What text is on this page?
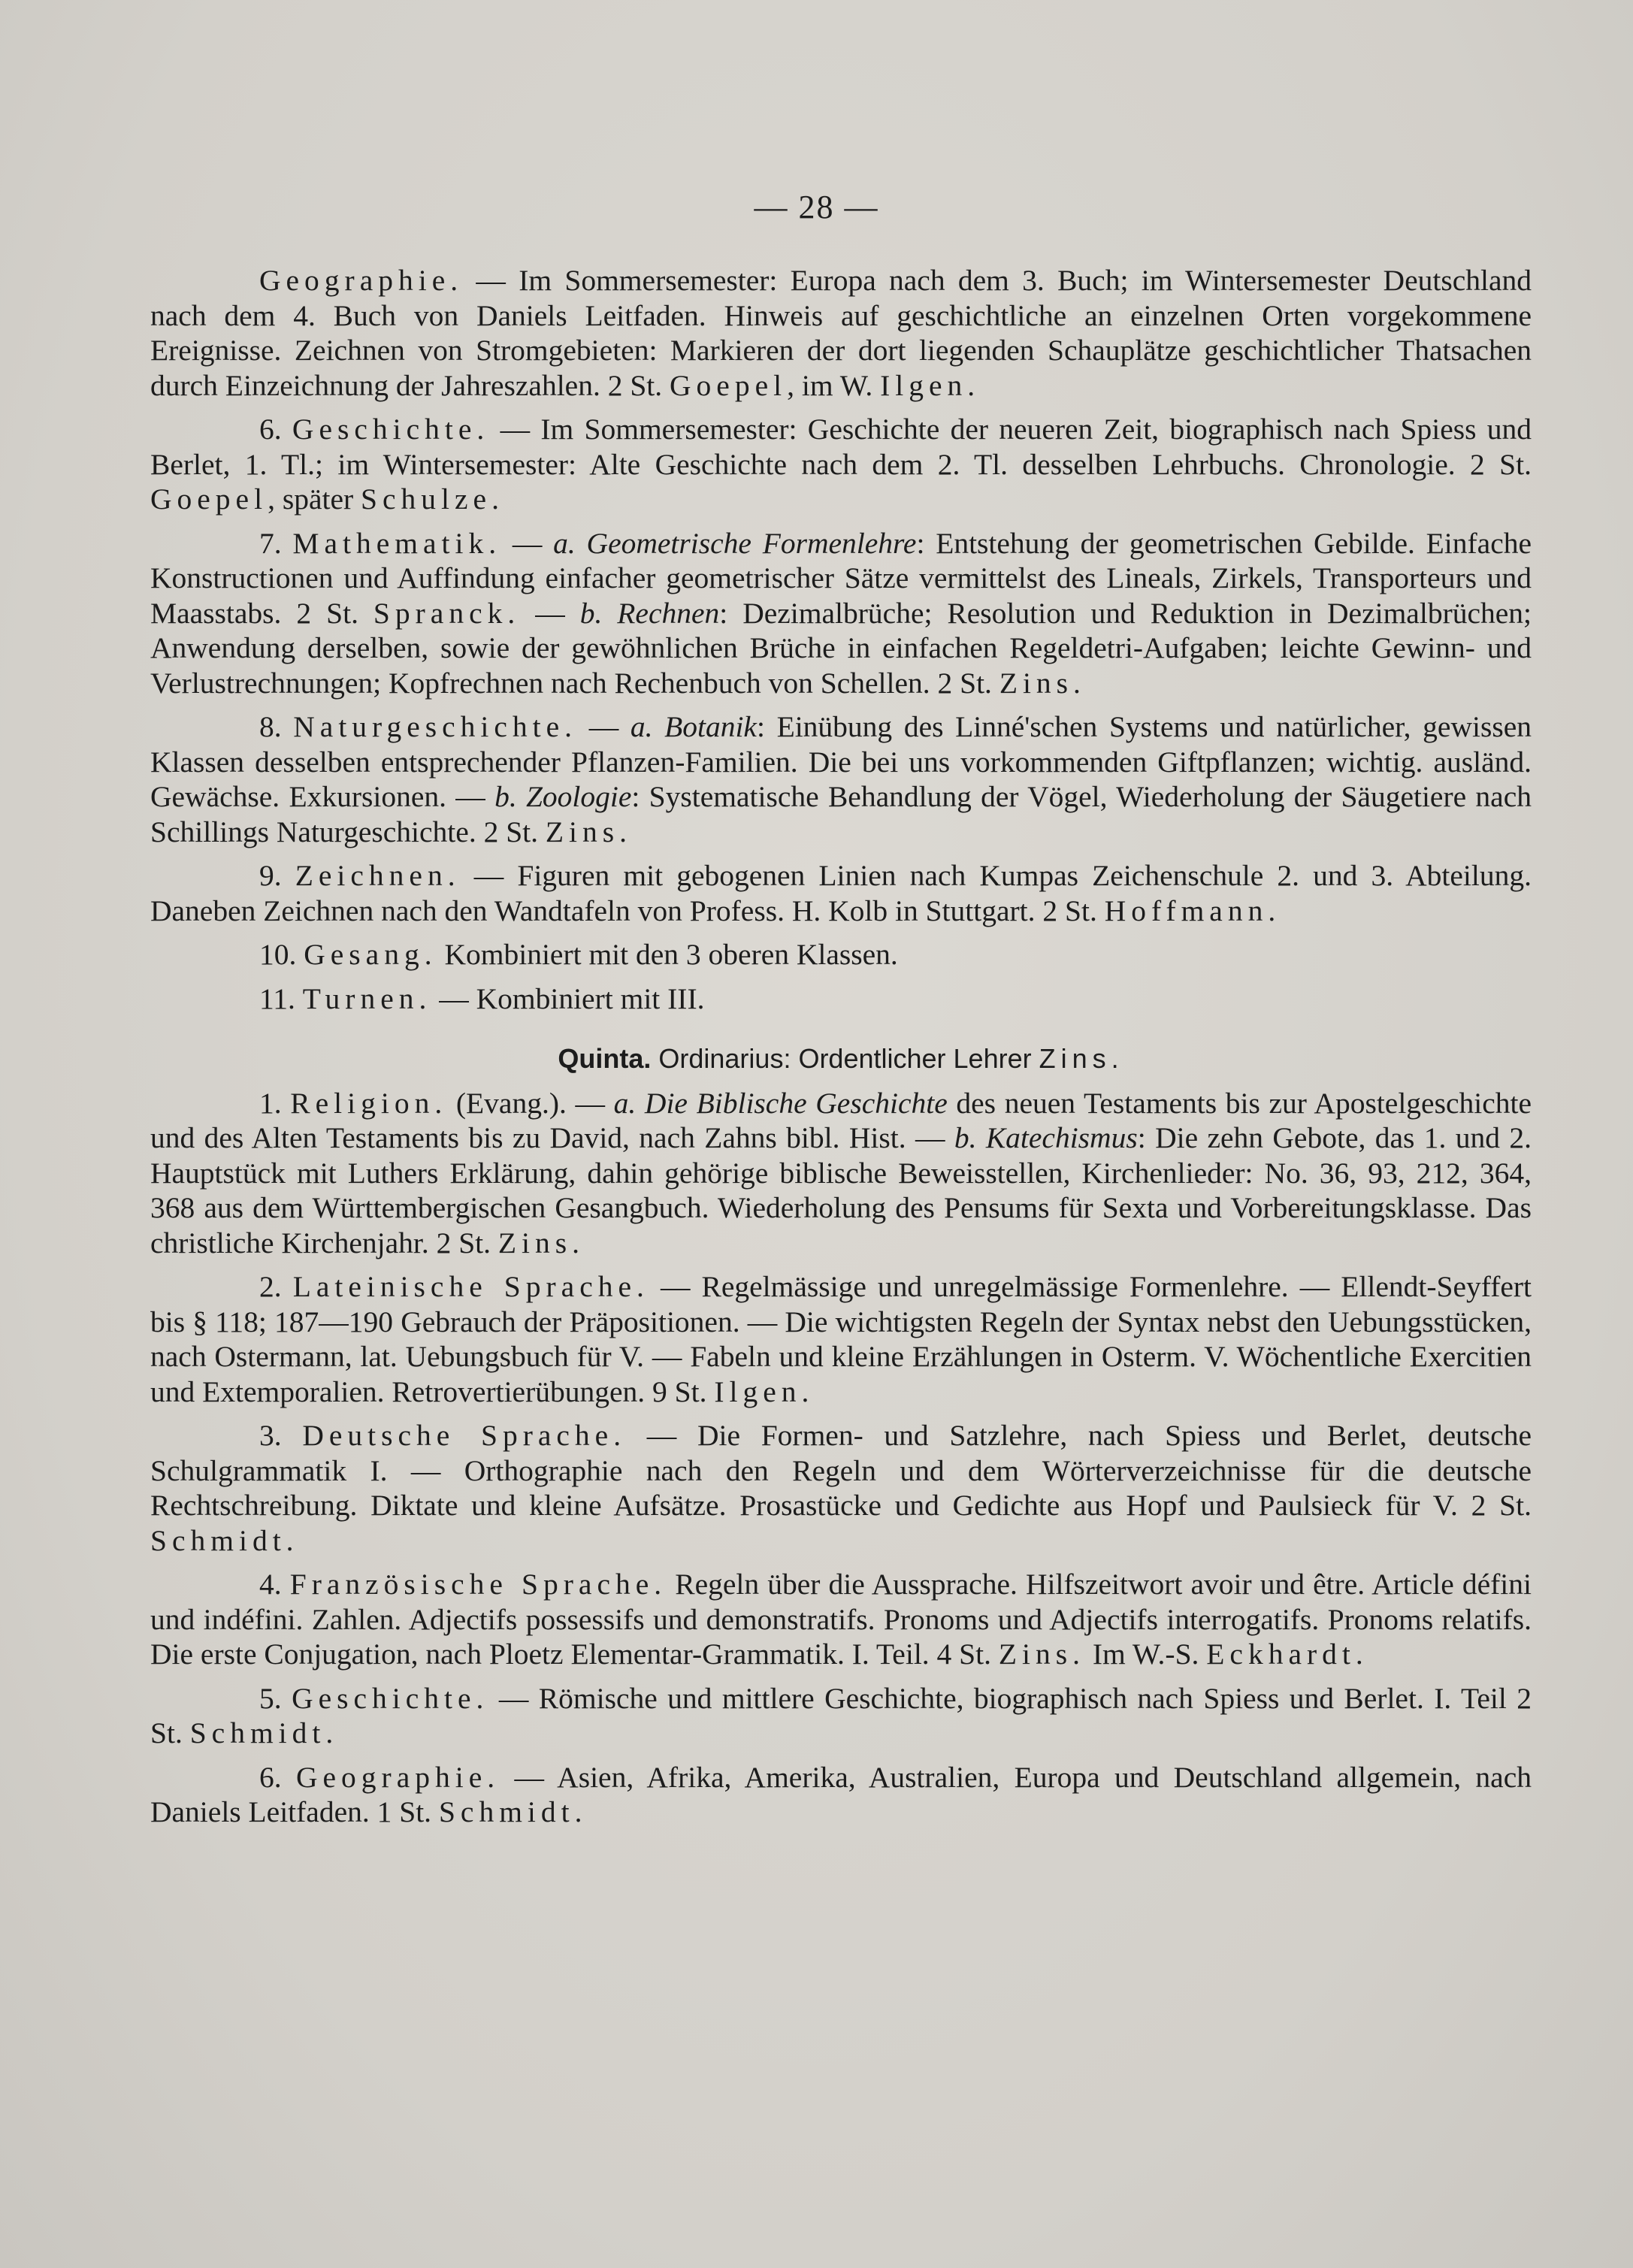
— 28 —

Geographie. — Im Sommersemester: Europa nach dem 3. Buch; im Wintersemester Deutschland nach dem 4. Buch von Daniels Leitfaden. Hinweis auf geschichtliche an einzelnen Orten vorgekommene Ereignisse. Zeichnen von Stromgebieten: Markieren der dort liegenden Schauplätze geschichtlicher Thatsachen durch Einzeichnung der Jahreszahlen. 2 St. Goepel, im W. Ilgen.

6. Geschichte. — Im Sommersemester: Geschichte der neueren Zeit, biographisch nach Spiess und Berlet, 1. Tl.; im Wintersemester: Alte Geschichte nach dem 2. Tl. desselben Lehrbuchs. Chronologie. 2 St. Goepel, später Schulze.

7. Mathematik. — a. Geometrische Formenlehre: Entstehung der geometrischen Gebilde. Einfache Konstructionen und Auffindung einfacher geometrischer Sätze vermittelst des Lineals, Zirkels, Transporteurs und Maasstabs. 2 St. Spranck. — b. Rechnen: Dezimalbrüche; Resolution und Reduktion in Dezimalbrüchen; Anwendung derselben, sowie der gewöhnlichen Brüche in einfachen Regeldetri-Aufgaben; leichte Gewinn- und Verlustrechnungen; Kopfrechnen nach Rechenbuch von Schellen. 2 St. Zins.

8. Naturgeschichte. — a. Botanik: Einübung des Linné'schen Systems und natürlicher, gewissen Klassen desselben entsprechender Pflanzen-Familien. Die bei uns vorkommenden Giftpflanzen; wichtig. ausländ. Gewächse. Exkursionen. — b. Zoologie: Systematische Behandlung der Vögel, Wiederholung der Säugetiere nach Schillings Naturgeschichte. 2 St. Zins.

9. Zeichnen. — Figuren mit gebogenen Linien nach Kumpas Zeichenschule 2. und 3. Abteilung. Daneben Zeichnen nach den Wandtafeln von Profess. H. Kolb in Stuttgart. 2 St. Hoffmann.

10. Gesang. Kombiniert mit den 3 oberen Klassen.

11. Turnen. — Kombiniert mit III.

Quinta. Ordinarius: Ordentlicher Lehrer Zins.

1. Religion. (Evang.). — a. Die Biblische Geschichte des neuen Testaments bis zur Apostelgeschichte und des Alten Testaments bis zu David, nach Zahns bibl. Hist. — b. Katechismus: Die zehn Gebote, das 1. und 2. Hauptstück mit Luthers Erklärung, dahin gehörige biblische Beweisstellen, Kirchenlieder: No. 36, 93, 212, 364, 368 aus dem Württembergischen Gesangbuch. Wiederholung des Pensums für Sexta und Vorbereitungsklasse. Das christliche Kirchenjahr. 2 St. Zins.

2. Lateinische Sprache. — Regelmässige und unregelmässige Formenlehre. — Ellendt-Seyffert bis § 118; 187—190 Gebrauch der Präpositionen. — Die wichtigsten Regeln der Syntax nebst den Uebungsstücken, nach Ostermann, lat. Uebungsbuch für V. — Fabeln und kleine Erzählungen in Osterm. V. Wöchentliche Exercitien und Extemporalien. Retrovertierübungen. 9 St. Ilgen.

3. Deutsche Sprache. — Die Formen- und Satzlehre, nach Spiess und Berlet, deutsche Schulgrammatik I. — Orthographie nach den Regeln und dem Wörterverzeichnisse für die deutsche Rechtschreibung. Diktate und kleine Aufsätze. Prosastücke und Gedichte aus Hopf und Paulsieck für V. 2 St. Schmidt.

4. Französische Sprache. Regeln über die Aussprache. Hilfszeitwort avoir und être. Article défini und indéfini. Zahlen. Adjectifs possessifs und demonstratifs. Pronoms und Adjectifs interrogatifs. Pronoms relatifs. Die erste Conjugation, nach Ploetz Elementar-Grammatik. I. Teil. 4 St. Zins. Im W.-S. Eckhardt.

5. Geschichte. — Römische und mittlere Geschichte, biographisch nach Spiess und Berlet. I. Teil 2 St. Schmidt.

6. Geographie. — Asien, Afrika, Amerika, Australien, Europa und Deutschland allgemein, nach Daniels Leitfaden. 1 St. Schmidt.
